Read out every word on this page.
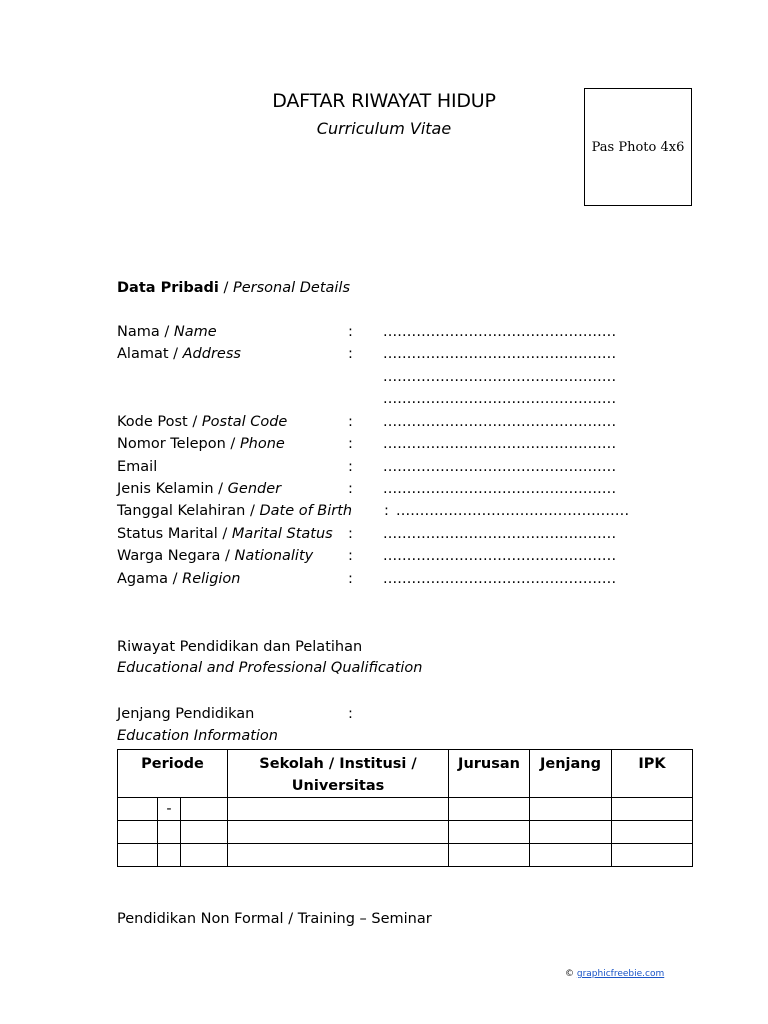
DAFTAR RIWAYAT HIDUP
Curriculum Vitae
Pas Photo 4x6
Data Pribadi / Personal Details
Nama / Name	: .................................................
Alamat / Address	: .................................................
.................................................
.................................................
Kode Post / Postal Code	: .................................................
Nomor Telepon / Phone	: .................................................
Email	: .................................................
Jenis Kelamin / Gender	: .................................................
Tanggal Kelahiran / Date of Birth : .................................................
Status Marital / Marital Status : .................................................
Warga Negara / Nationality : .................................................
Agama / Religion	: .................................................
Riwayat Pendidikan dan Pelatihan
Educational and Professional Qualification
Jenjang Pendidikan	:
Education Information
Periode			Sekolah / Institusi / Universitas	Jurusan	Jenjang	IPK
	-					

Pendidikan Non Formal / Training – Seminar
© graphicfreebie.com
